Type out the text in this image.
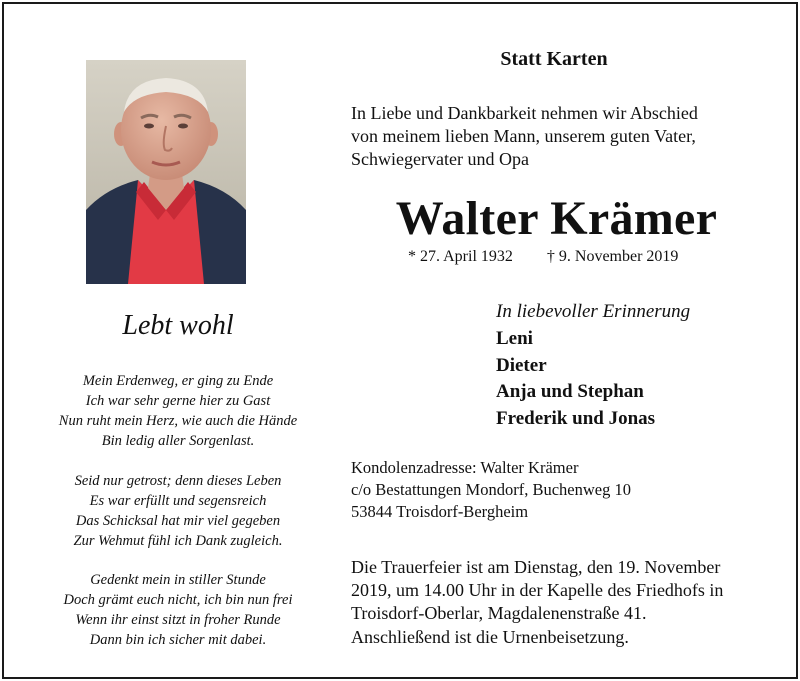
Lebt wohl
Mein Erdenweg, er ging zu Ende
Ich war sehr gerne hier zu Gast
Nun ruht mein Herz, wie auch die Hände
Bin ledig aller Sorgenlast.
Seid nur getrost; denn dieses Leben
Es war erfüllt und segensreich
Das Schicksal hat mir viel gegeben
Zur Wehmut fühl ich Dank zugleich.
Gedenkt mein in stiller Stunde
Doch grämt euch nicht, ich bin nun frei
Wenn ihr einst sitzt in froher Runde
Dann bin ich sicher mit dabei.
Statt Karten
In Liebe und Dankbarkeit nehmen wir Abschied
von meinem lieben Mann, unserem guten Vater,
Schwiegervater und Opa
Walter Krämer
* 27. April 1932 † 9. November 2019
In liebevoller Erinnerung
Leni
Dieter
Anja und Stephan
Frederik und Jonas
Kondolenzadresse: Walter Krämer
c/o Bestattungen Mondorf, Buchenweg 10
53844 Troisdorf-Bergheim
Die Trauerfeier ist am Dienstag, den 19. November
2019, um 14.00 Uhr in der Kapelle des Friedhofs in
Troisdorf-Oberlar, Magdalenenstraße 41.
Anschließend ist die Urnenbeisetzung.
